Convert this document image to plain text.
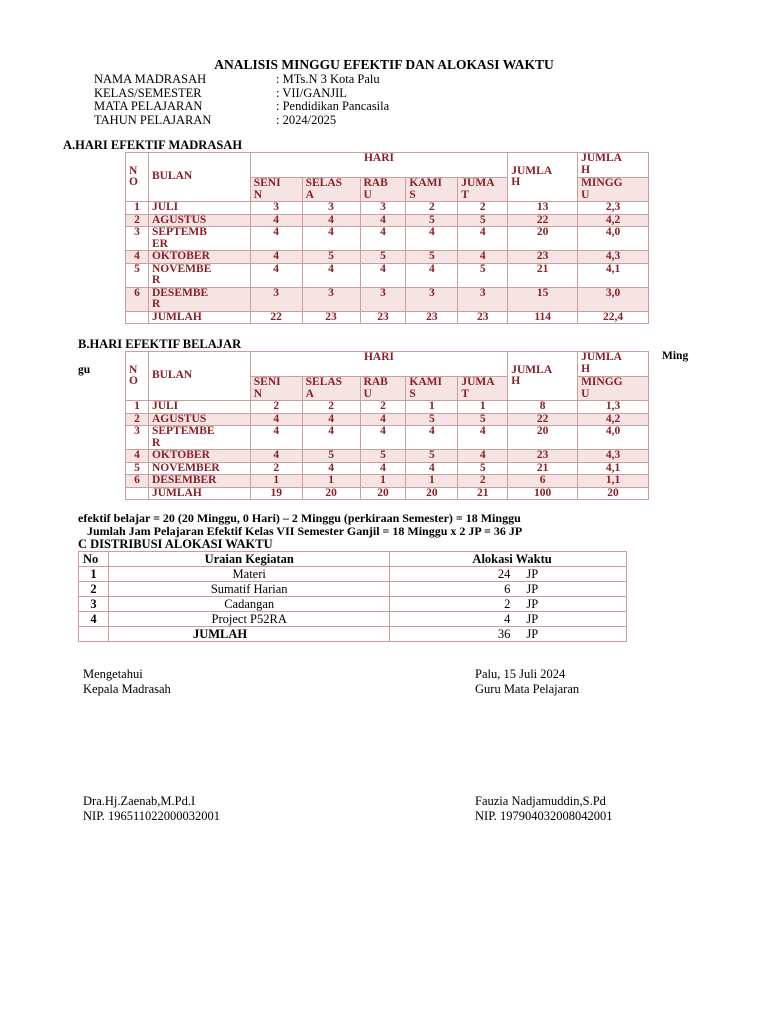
ANALISIS MINGGU EFEKTIF DAN ALOKASI WAKTU
NAMA MADRASAH	: MTs.N 3 Kota Palu
KELAS/SEMESTER	: VII/GANJIL
MATA PELAJARAN	: Pendidikan Pancasila
TAHUN PELAJARAN	: 2024/2025
A.HARI EFEKTIF MADRASAH
N
O	BULAN	HARI					JUMLA
H	JUMLA
H
		SENI
N	SELAS
A	RAB
U	KAMI
S	JUMA
T		MINGG
U
1	JULI	3	3	3	2	2	13	2,3
2	AGUSTUS	4	4	4	5	5	22	4,2
3	SEPTEMB
ER	4	4	4	4	4	20	4,0
4	OKTOBER	4	5	5	5	4	23	4,3
5	NOVEMBE
R	4	4	4	4	5	21	4,1
6	DESEMBE
R	3	3	3	3	3	15	3,0
	JUMLAH	22	23	23	23	23	114	22,4
B.HARI EFEKTIF BELAJAR
gu
Ming
N
O	BULAN	HARI					JUMLA
H	JUMLA
H
		SENI
N	SELAS
A	RAB
U	KAMI
S	JUMA
T		MINGG
U
1	JULI	2	2	2	1	1	8	1,3
2	AGUSTUS	4	4	4	5	5	22	4,2
3	SEPTEMBE
R	4	4	4	4	4	20	4,0
4	OKTOBER	4	5	5	5	4	23	4,3
5	NOVEMBER	2	4	4	4	5	21	4,1
6	DESEMBER	1	1	1	1	2	6	1,1
	JUMLAH	19	20	20	20	21	100	20
efektif belajar = 20 (20 Minggu, 0 Hari) – 2 Minggu (perkiraan Semester) = 18 Minggu
Jumlah Jam Pelajaran Efektif Kelas VII Semester Ganjil = 18 Minggu x 2 JP = 36 JP
C DISTRIBUSI ALOKASI WAKTU
No	Uraian Kegiatan	Alokasi Waktu
1	Materi	24 JP
2	Sumatif Harian	6 JP
3	Cadangan	2 JP
4	Project P52RA	4 JP
	JUMLAH	36 JP
Mengetahui
Kepala Madrasah
Dra.Hj.Zaenab,M.Pd.I
NIP. 196511022000032001
Palu, 15 Juli 2024
Guru Mata Pelajaran
Fauzia Nadjamuddin,S.Pd
NIP. 197904032008042001
